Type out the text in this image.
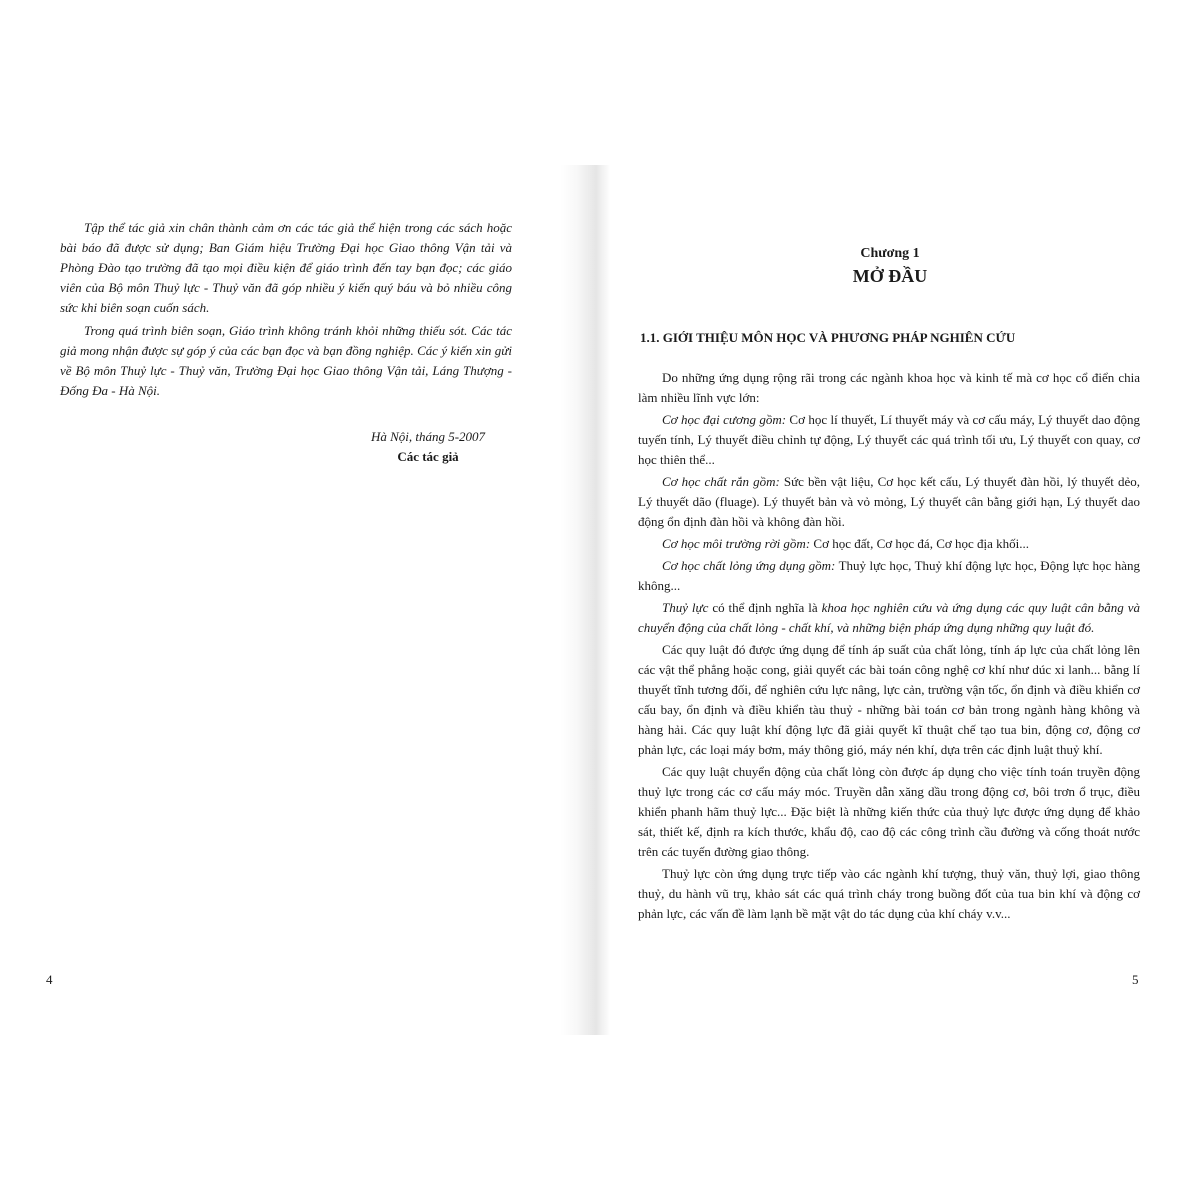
Tập thể tác giả xin chân thành cảm ơn các tác giả thể hiện trong các sách hoặc bài báo đã được sử dụng; Ban Giám hiệu Trường Đại học Giao thông Vận tải và Phòng Đào tạo trường đã tạo mọi điều kiện để giáo trình đến tay bạn đọc; các giáo viên của Bộ môn Thuỷ lực - Thuỷ văn đã góp nhiều ý kiến quý báu và bỏ nhiều công sức khi biên soạn cuốn sách.

Trong quá trình biên soạn, Giáo trình không tránh khỏi những thiếu sót. Các tác giả mong nhận được sự góp ý của các bạn đọc và bạn đồng nghiệp. Các ý kiến xin gửi về Bộ môn Thuỷ lực - Thuỷ văn, Trường Đại học Giao thông Vận tải, Láng Thượng - Đống Đa - Hà Nội.

Hà Nội, tháng 5-2007
Các tác giả
4
Chương 1
MỞ ĐẦU
1.1. GIỚI THIỆU MÔN HỌC VÀ PHƯƠNG PHÁP NGHIÊN CỨU

Do những ứng dụng rộng rãi trong các ngành khoa học và kinh tế mà cơ học cổ điển chia làm nhiều lĩnh vực lớn:

Cơ học đại cương gồm: Cơ học lí thuyết, Lí thuyết máy và cơ cấu máy, Lý thuyết dao động tuyến tính, Lý thuyết điều chỉnh tự động, Lý thuyết các quá trình tối ưu, Lý thuyết con quay, cơ học thiên thể...

Cơ học chất rắn gồm: Sức bền vật liệu, Cơ học kết cấu, Lý thuyết đàn hồi, lý thuyết dẻo, Lý thuyết dão (fluage). Lý thuyết bản và vỏ mỏng, Lý thuyết cân bằng giới hạn, Lý thuyết dao động ổn định đàn hồi và không đàn hồi.

Cơ học môi trường rời gồm: Cơ học đất, Cơ học đá, Cơ học địa khối...

Cơ học chất lỏng ứng dụng gồm: Thuỷ lực học, Thuỷ khí động lực học, Động lực học hàng không...

Thuỷ lực có thể định nghĩa là khoa học nghiên cứu và ứng dụng các quy luật cân bằng và chuyển động của chất lỏng - chất khí, và những biện pháp ứng dụng những quy luật đó.

Các quy luật đó được ứng dụng để tính áp suất của chất lỏng, tính áp lực của chất lỏng lên các vật thể phẳng hoặc cong, giải quyết các bài toán công nghệ cơ khí như dúc xi lanh... bằng lí thuyết tĩnh tương đối, để nghiên cứu lực nâng, lực cản, trường vận tốc, ổn định và điều khiển cơ cấu bay, ổn định và điều khiển tàu thuỷ - những bài toán cơ bản trong ngành hàng không và hàng hải. Các quy luật khí động lực đã giải quyết kĩ thuật chế tạo tua bin, động cơ, động cơ phản lực, các loại máy bơm, máy thông gió, máy nén khí, dựa trên các định luật thuỷ khí.

Các quy luật chuyển động của chất lỏng còn được áp dụng cho việc tính toán truyền động thuỷ lực trong các cơ cấu máy móc. Truyền dẫn xăng dầu trong động cơ, bôi trơn ổ trục, điều khiển phanh hãm thuỷ lực... Đặc biệt là những kiến thức của thuỷ lực được ứng dụng để khảo sát, thiết kế, định ra kích thước, khẩu độ, cao độ các công trình cầu đường và cống thoát nước trên các tuyến đường giao thông.

Thuỷ lực còn ứng dụng trực tiếp vào các ngành khí tượng, thuỷ văn, thuỷ lợi, giao thông thuỷ, du hành vũ trụ, khảo sát các quá trình cháy trong buồng đốt của tua bin khí và động cơ phản lực, các vấn đề làm lạnh bề mặt vật do tác dụng của khí cháy v.v...

5
